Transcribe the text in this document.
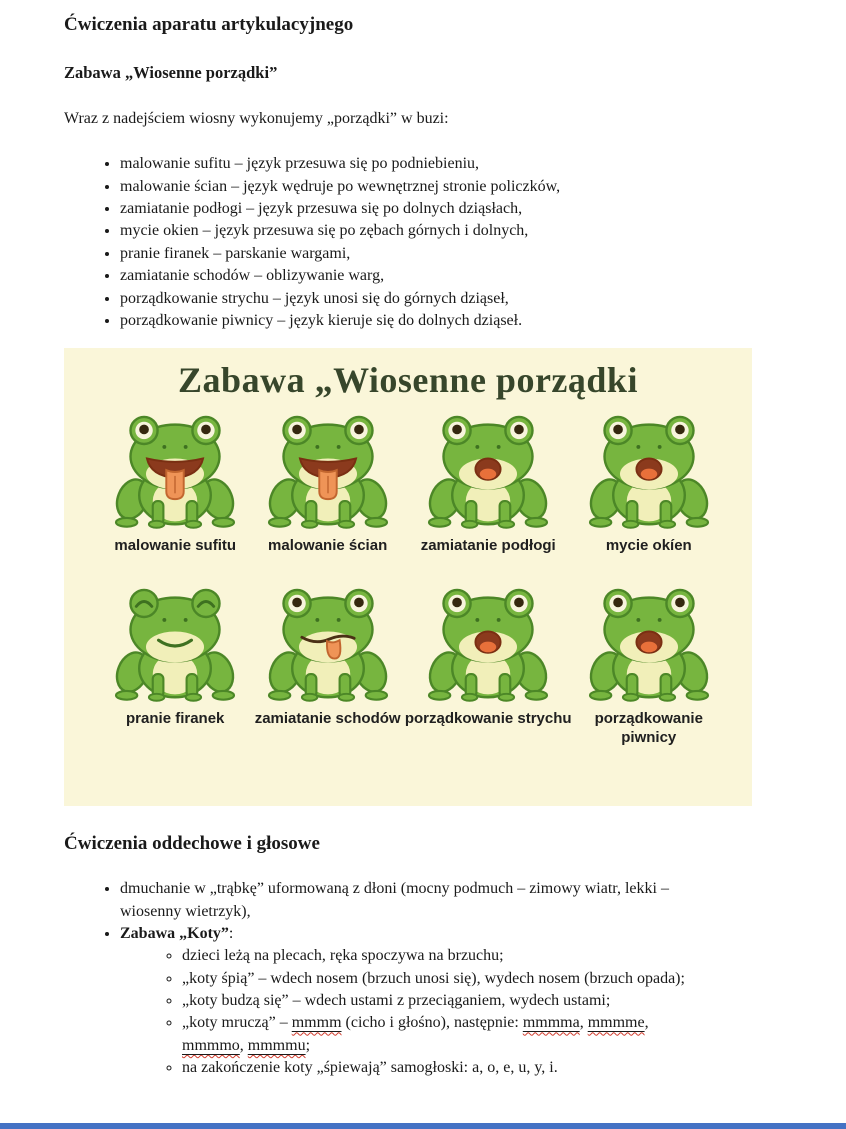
Ćwiczenia aparatu artykulacyjnego
Zabawa „Wiosenne porządki”

Wraz z nadejściem wiosny wykonujemy „porządki” w buzi:

• malowanie sufitu – język przesuwa się po podniebieniu,
• malowanie ścian – język wędruje po wewnętrznej stronie policzków,
• zamiatanie podłogi – język przesuwa się po dolnych dziąsłach,
• mycie okien – język przesuwa się po zębach górnych i dolnych,
• pranie firanek – parskanie wargami,
• zamiatanie schodów – oblizywanie warg,
• porządkowanie strychu – język unosi się do górnych dziąseł,
• porządkowanie piwnicy – język kieruje się do dolnych dziąseł.
Zabawa „Wiosenne porządki
malowanie sufitu malowanie ścian zamiatanie podłogi	mycie okíen
pranie firanek zamiatanie schodów porządkowanie strychu	porządkowanie piwnicy
Ćwiczenia oddechowe i głosowe
• dmuchanie w „trąbkę” uformowaną z dłoni (mocny podmuch – zimowy wiatr, lekki – wiosenny wietrzyk),
• Zabawa „Koty”:
◦ dzieci leżą na plecach, ręka spoczywa na brzuchu;
◦ „koty śpią” – wdech nosem (brzuch unosi się), wydech nosem (brzuch opada);
◦ „koty budzą się” – wdech ustami z przeciąganiem, wydech ustami;
◦ „koty mruczą” – mmmm (cicho i głośno), następnie: mmmma, mmmme, mmmmo, mmmmu;
◦ na zakończenie koty „śpiewają” samogłoski: a, o, e, u, y, i.
